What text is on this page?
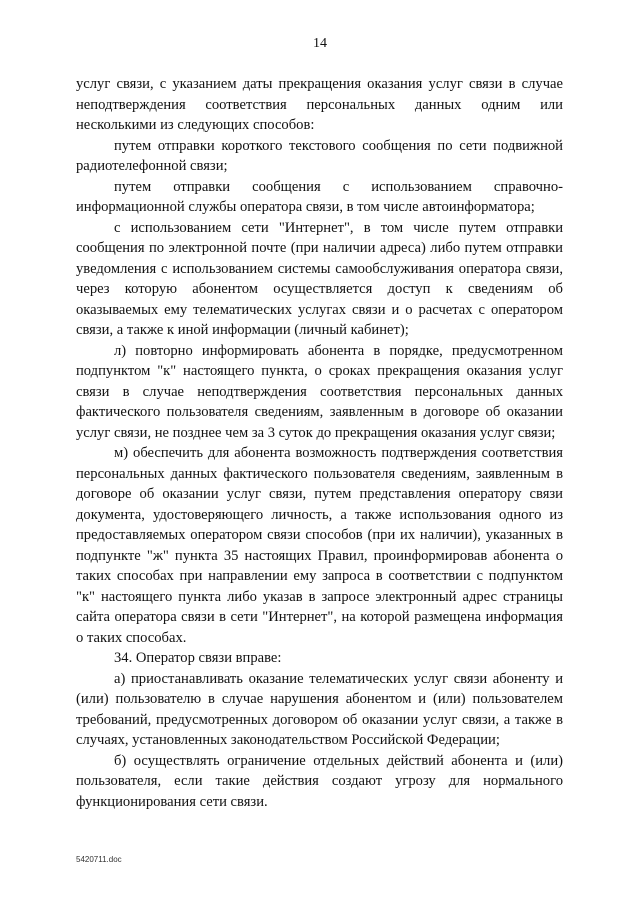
14

услуг связи, с указанием даты прекращения оказания услуг связи в случае неподтверждения соответствия персональных данных одним или несколькими из следующих способов:

путем отправки короткого текстового сообщения по сети подвижной радиотелефонной связи;

путем отправки сообщения с использованием справочно-информационной службы оператора связи, в том числе автоинформатора;

с использованием сети "Интернет", в том числе путем отправки сообщения по электронной почте (при наличии адреса) либо путем отправки уведомления с использованием системы самообслуживания оператора связи, через которую абонентом осуществляется доступ к сведениям об оказываемых ему телематических услугах связи и о расчетах с оператором связи, а также к иной информации (личный кабинет);

л) повторно информировать абонента в порядке, предусмотренном подпунктом "к" настоящего пункта, о сроках прекращения оказания услуг связи в случае неподтверждения соответствия персональных данных фактического пользователя сведениям, заявленным в договоре об оказании услуг связи, не позднее чем за 3 суток до прекращения оказания услуг связи;

м) обеспечить для абонента возможность подтверждения соответствия персональных данных фактического пользователя сведениям, заявленным в договоре об оказании услуг связи, путем представления оператору связи документа, удостоверяющего личность, а также использования одного из предоставляемых оператором связи способов (при их наличии), указанных в подпункте "ж" пункта 35 настоящих Правил, проинформировав абонента о таких способах при направлении ему запроса в соответствии с подпунктом "к" настоящего пункта либо указав в запросе электронный адрес страницы сайта оператора связи в сети "Интернет", на которой размещена информация о таких способах.

34. Оператор связи вправе:

а) приостанавливать оказание телематических услуг связи абоненту и (или) пользователю в случае нарушения абонентом и (или) пользователем требований, предусмотренных договором об оказании услуг связи, а также в случаях, установленных законодательством Российской Федерации;

б) осуществлять ограничение отдельных действий абонента и (или) пользователя, если такие действия создают угрозу для нормального функционирования сети связи.

5420711.doc
